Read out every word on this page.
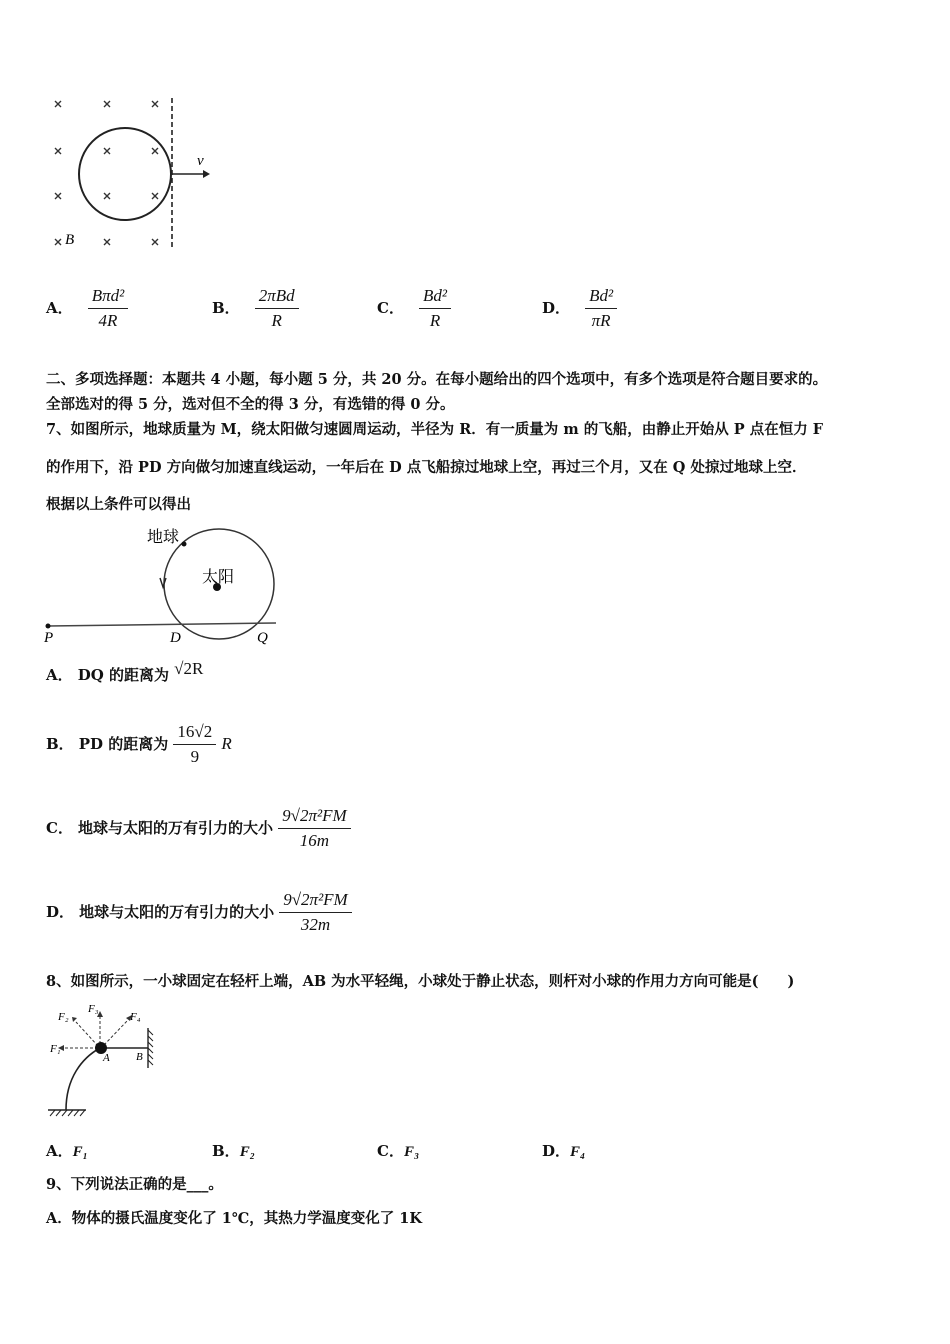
v
B
A． $\frac{\text{Bπd²}}{4R}$	B． $\frac{\text{2πBd}}{R}$	C． $\frac{\text{Bd²}}{R}$	D． $\frac{\text{Bd²}}{\pi R}$
二、多项选择题：本题共 4 小题，每小题 5 分，共 20 分。在每小题给出的四个选项中，有多个选项是符合题目要求的。
全部选对的得 5 分，选对但不全的得 3 分，有选错的得 0 分。
7、如图所示，地球质量为 M，绕太阳做匀速圆周运动，半径为 R．有一质量为 m 的飞船，由静止开始从 P 点在恒力 F
的作用下，沿 PD 方向做匀加速直线运动，一年后在 D 点飞船掠过地球上空，再过三个月，又在 Q 处掠过地球上空．
根据以上条件可以得出
地球
太阳
P	D	Q
A． DQ 的距离为 √2R
B． PD 的距离为 $\frac{16√2}{9}$ R
C． 地球与太阳的万有引力的大小 $\frac{\text{9√2π²FM}}{16m}$
D． 地球与太阳的万有引力的大小 $\frac{\text{9√2π²FM}}{32m}$
8、如图所示，一小球固定在轻杆上端，AB 为水平轻绳，小球处于静止状态，则杆对小球的作用力方向可能是(　　)
F₁
F₂
F₃
F₄
A B
A．F₁	B．F₂	C．F₃	D．F₄
9、下列说法正确的是___。
A．物体的摄氏温度变化了 1℃，其热力学温度变化了 1K
